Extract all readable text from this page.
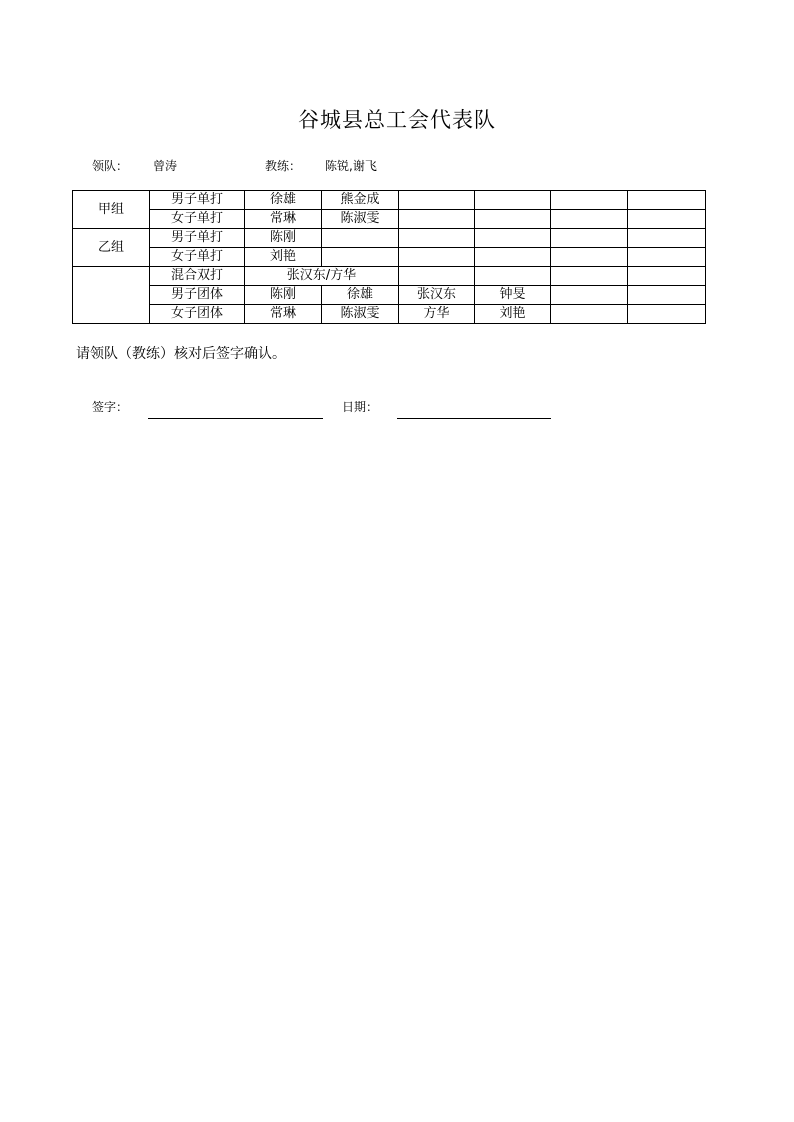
谷城县总工会代表队
领队： 曾涛	教练： 陈锐,谢飞
甲组	男子单打	徐雄	熊金成				
	女子单打	常琳	陈淑雯				
乙组	男子单打	陈刚					
	女子单打	刘艳					
	混合双打	张汉东/方华					
	男子团体	陈刚	徐雄	张汉东	钟旻		
	女子团体	常琳	陈淑雯	方华	刘艳		
请领队（教练）核对后签字确认。
签字：	日期：
